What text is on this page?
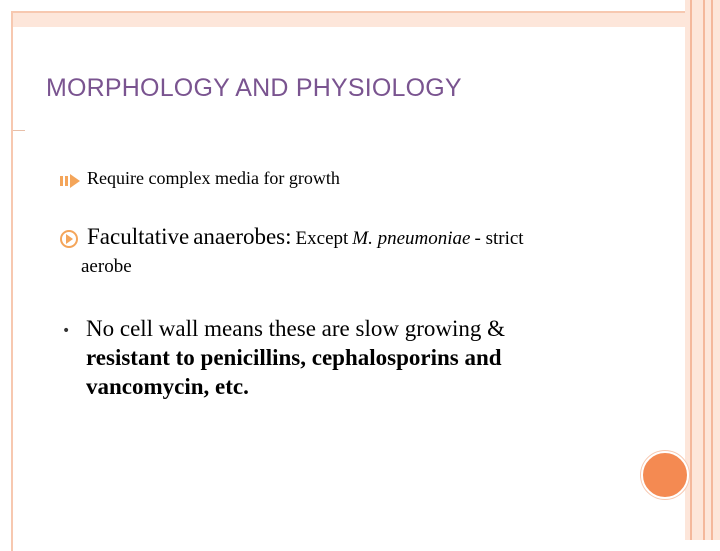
MORPHOLOGY AND PHYSIOLOGY
Require complex media for growth
Facultative anaerobes: Except M. pneumoniae - strict
aerobe
• No cell wall means these are slow growing &
resistant to penicillins, cephalosporins and
vancomycin, etc.
